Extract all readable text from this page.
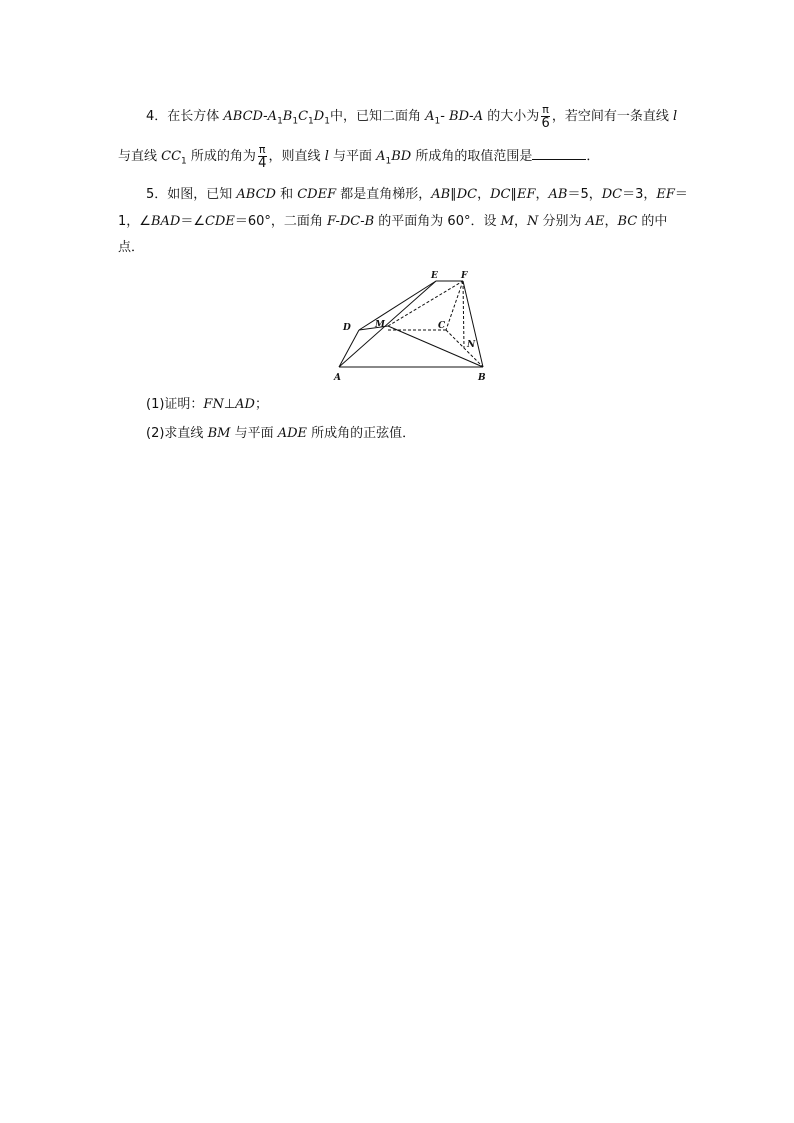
4．在长方体 ABCD-$A_1B_1C_1D_1$中，已知二面角 $A_1-$ BD-A 的大小为 $\frac{\pi}{6}$ ，若空间有一条直线 l
与直线 $CC_1$ 所成的角为 $\frac{\pi}{4}$ ，则直线 l 与平面 $A_1BD$ 所成角的取值范围是	．
5．如图，已知 ABCD 和 CDEF 都是直角梯形，AB∥DC，DC∥EF，AB＝5，DC＝3，EF＝
1，∠BAD＝∠CDE＝60°，二面角 F-DC-B 的平面角为 60°．设 M，N 分别为 AE，BC 的中
点．
E	F
D	M	C
N
A	B
(1)证明：FN⊥AD；
(2)求直线 BM 与平面 ADE 所成角的正弦值．
